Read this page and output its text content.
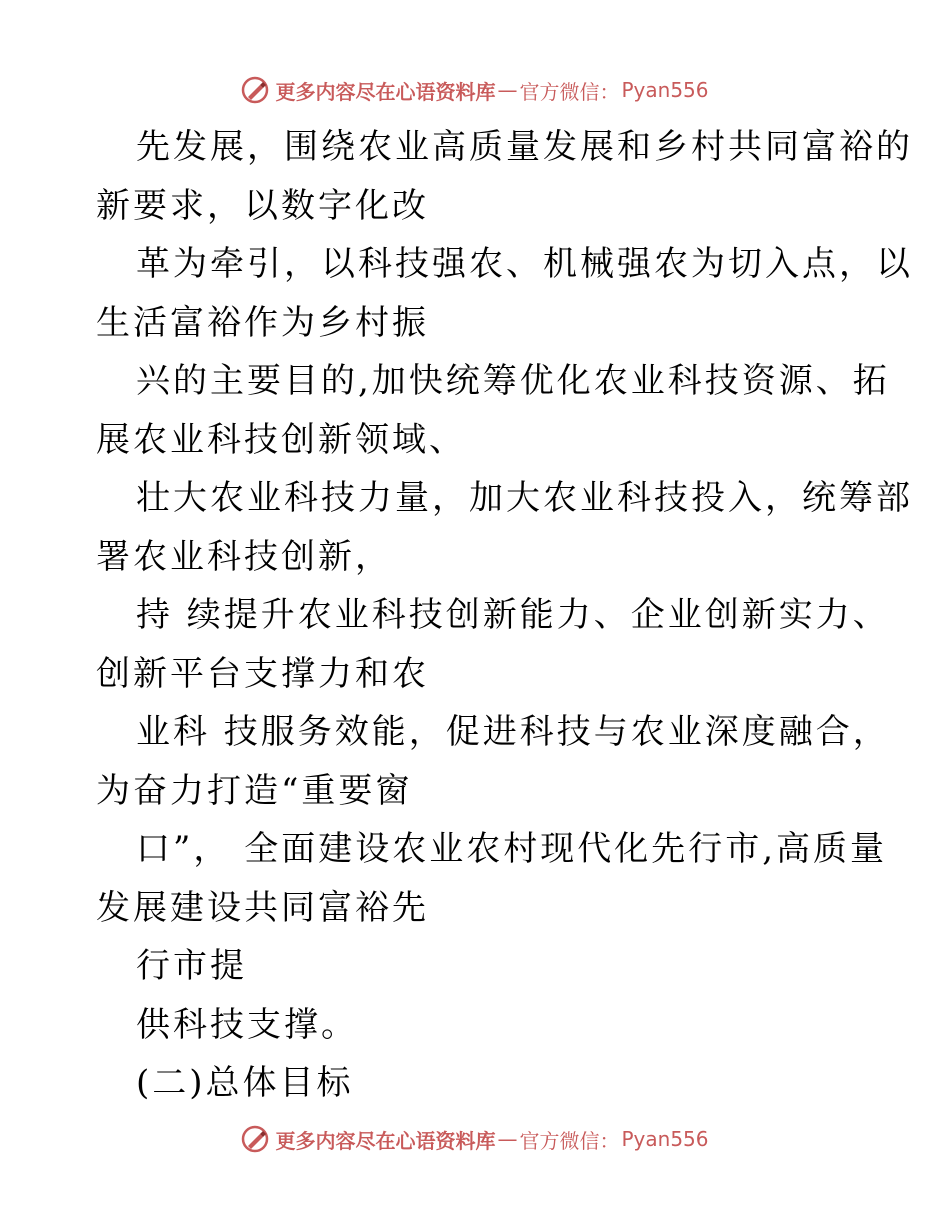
更多内容尽在心语资料库 — 官方微信： Pyan556
先发展，围绕农业高质量发展和乡村共同富裕的
新要求，以数字化改
革为牵引，以科技强农、机械强农为切入点，以
生活富裕作为乡村振
兴的主要目的,加快统筹优化农业科技资源、拓
展农业科技创新领域、
壮大农业科技力量，加大农业科技投入，统筹部
署农业科技创新，
持 续提升农业科技创新能力、企业创新实力、
创新平台支撑力和农
业科 技服务效能，促进科技与农业深度融合，
为奋力打造“重要窗
口”， 全面建设农业农村现代化先行市,高质量
发展建设共同富裕先
行市提
供科技支撑。
(二)总体目标
更多内容尽在心语资料库 — 官方微信： Pyan556
